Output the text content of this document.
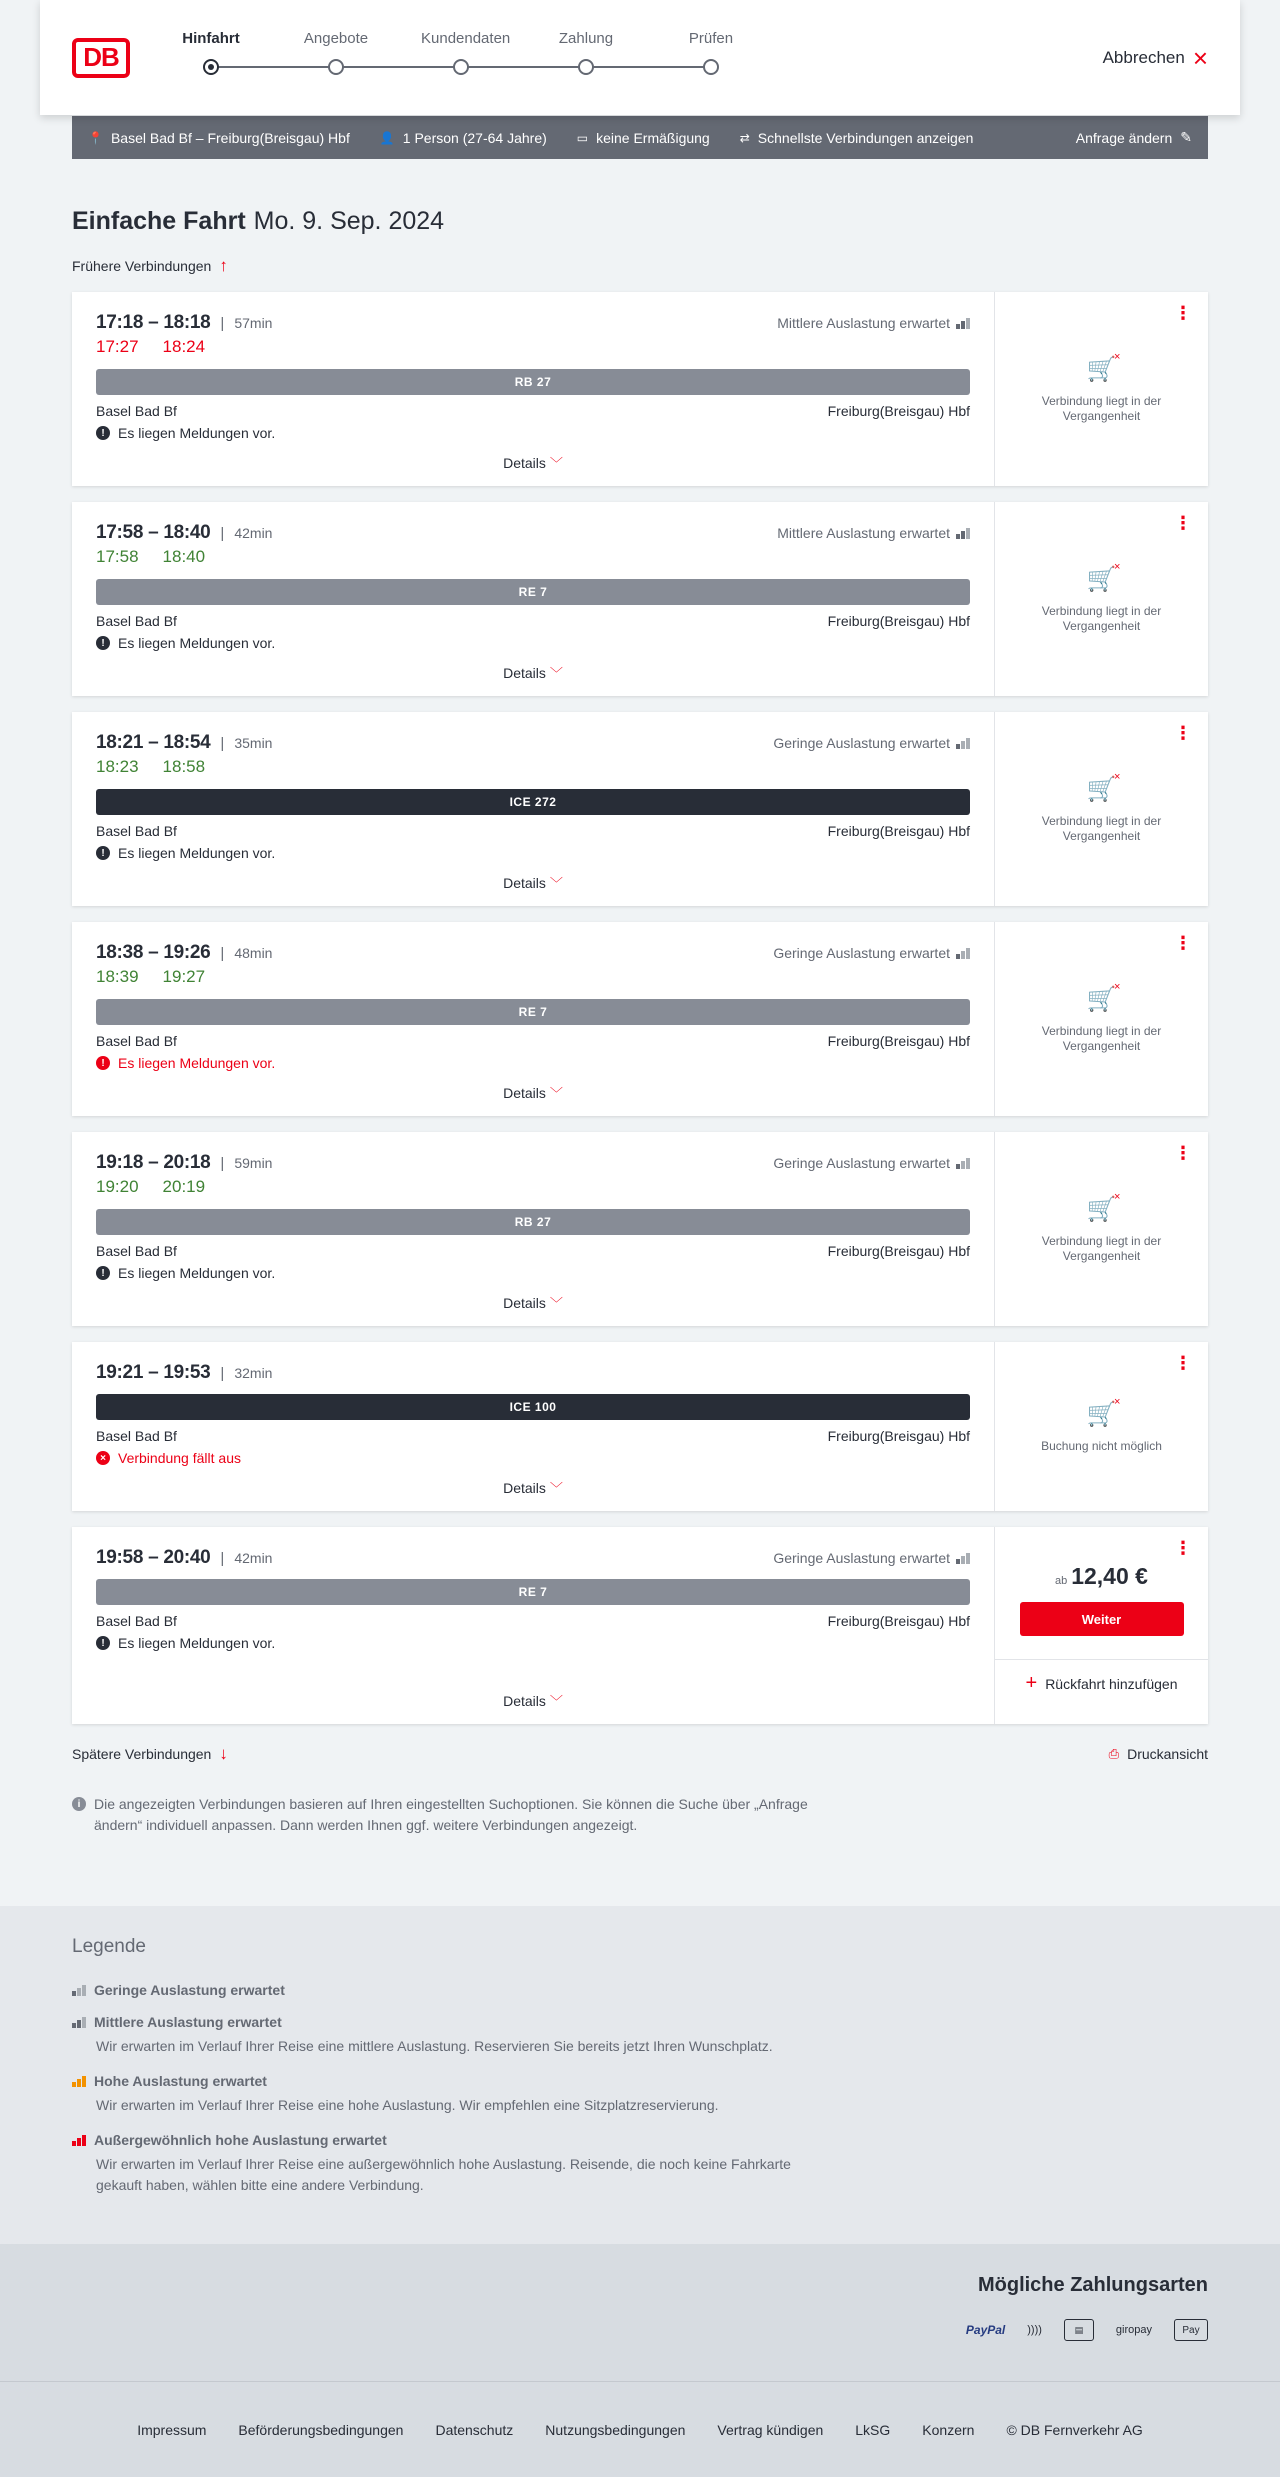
DB
Hinfahrt	Angebote	Kundendaten	Zahlung	Prüfen
Abbrechen ×
📍 Basel Bad Bf – Freiburg(Breisgau) Hbf	👤 1 Person (27-64 Jahre)	▭ keine Ermäßigung	⇄ Schnellste Verbindungen anzeigen	Anfrage ändern ✎
Einfache Fahrt Mo. 9. Sep. 2024
Frühere Verbindungen ↑
17:18 – 18:18 | 57min	Mittlere Auslastung erwartet
17:27 18:24
RB 27
Basel Bad Bf	Freiburg(Breisgau) Hbf
! Es liegen Meldungen vor.
Details ﹀
⋮
🛒
×
Verbindung liegt in der Vergangenheit
17:58 – 18:40 | 42min	Mittlere Auslastung erwartet
17:58 18:40
RE 7
Basel Bad Bf	Freiburg(Breisgau) Hbf
! Es liegen Meldungen vor.
Details ﹀
⋮
🛒
×
Verbindung liegt in der Vergangenheit
18:21 – 18:54 | 35min	Geringe Auslastung erwartet
18:23 18:58
ICE 272
Basel Bad Bf	Freiburg(Breisgau) Hbf
! Es liegen Meldungen vor.
Details ﹀
⋮
🛒
×
Verbindung liegt in der Vergangenheit
18:38 – 19:26 | 48min	Geringe Auslastung erwartet
18:39 19:27
RE 7
Basel Bad Bf	Freiburg(Breisgau) Hbf
! Es liegen Meldungen vor.
Details ﹀
⋮
🛒
×
Verbindung liegt in der Vergangenheit
19:18 – 20:18 | 59min	Geringe Auslastung erwartet
19:20 20:19
RB 27
Basel Bad Bf	Freiburg(Breisgau) Hbf
! Es liegen Meldungen vor.
Details ﹀
⋮
🛒
×
Verbindung liegt in der Vergangenheit
19:21 – 19:53 | 32min
ICE 100
Basel Bad Bf	Freiburg(Breisgau) Hbf
× Verbindung fällt aus
Details ﹀
⋮
🛒
×
Buchung nicht möglich
19:58 – 20:40 | 42min	Geringe Auslastung erwartet
RE 7
Basel Bad Bf	Freiburg(Breisgau) Hbf
! Es liegen Meldungen vor.
Details ﹀
⋮
ab 12,40 €
Weiter
+ Rückfahrt hinzufügen
Spätere Verbindungen ↓	⎙ Druckansicht
i Die angezeigten Verbindungen basieren auf Ihren eingestellten Suchoptionen. Sie können die Suche über „Anfrage ändern“ individuell anpassen. Dann werden Ihnen ggf. weitere Verbindungen angezeigt.
Legende
Geringe Auslastung erwartet
Mittlere Auslastung erwartet
Wir erwarten im Verlauf Ihrer Reise eine mittlere Auslastung. Reservieren Sie bereits jetzt Ihren Wunschplatz.
Hohe Auslastung erwartet
Wir erwarten im Verlauf Ihrer Reise eine hohe Auslastung. Wir empfehlen eine Sitzplatzreservierung.
Außergewöhnlich hohe Auslastung erwartet
Wir erwarten im Verlauf Ihrer Reise eine außergewöhnlich hohe Auslastung. Reisende, die noch keine Fahrkarte gekauft haben, wählen bitte eine andere Verbindung.
Mögliche Zahlungsarten
PayPal ))))	▤	giropay	Pay
Impressum Beförderungsbedingungen Datenschutz Nutzungsbedingungen Vertrag kündigen LkSG Konzern © DB Fernverkehr AG
